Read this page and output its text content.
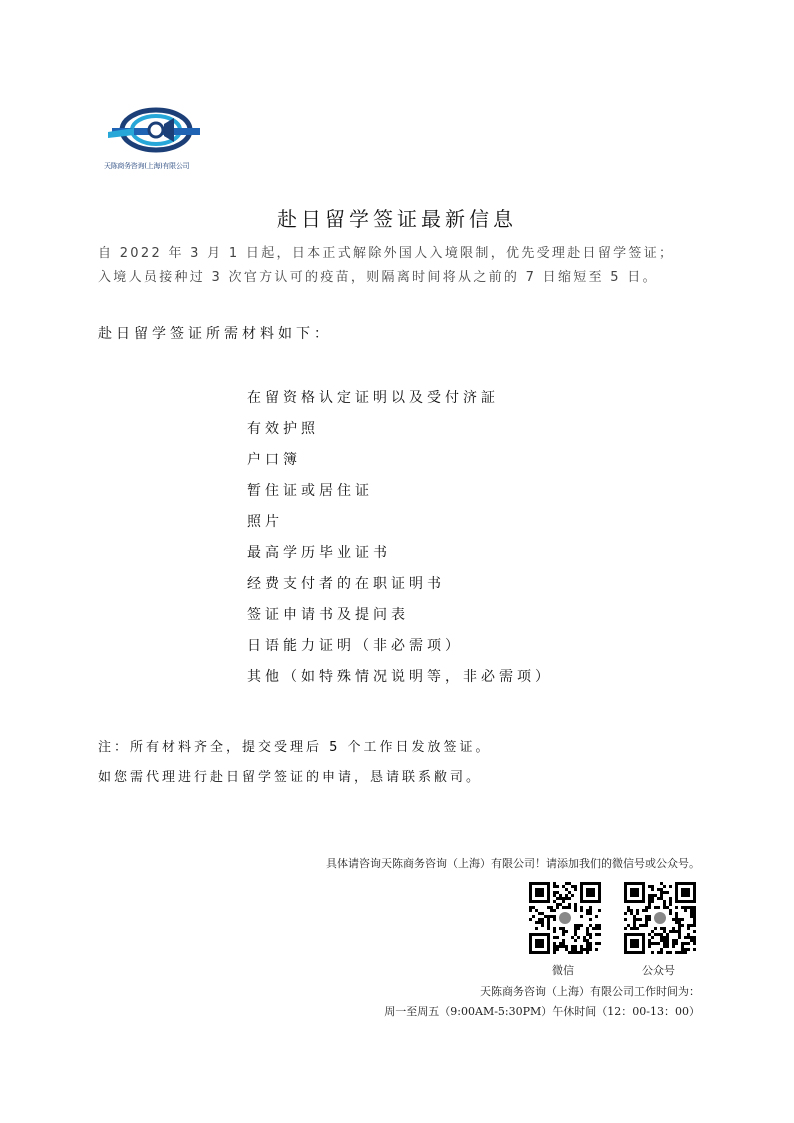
天陈商务咨询(上海)有限公司
赴日留学签证最新信息
自 2022 年 3 月 1 日起，日本正式解除外国人入境限制，优先受理赴日留学签证；
入境人员接种过 3 次官方认可的疫苗，则隔离时间将从之前的 7 日缩短至 5 日。
赴日留学签证所需材料如下：
在留资格认定证明以及受付济証
有效护照
户口簿
暂住证或居住证
照片
最高学历毕业证书
经费支付者的在职证明书
签证申请书及提问表
日语能力证明（非必需项）
其他（如特殊情况说明等，非必需项）
注：所有材料齐全，提交受理后 5 个工作日发放签证。
如您需代理进行赴日留学签证的申请，恳请联系敝司。
具体请咨询天陈商务咨询（上海）有限公司！请添加我们的微信号或公众号。
微信	公众号
天陈商务咨询（上海）有限公司工作时间为：
周一至周五（9:00AM-5:30PM）午休时间（12：00-13：00）
